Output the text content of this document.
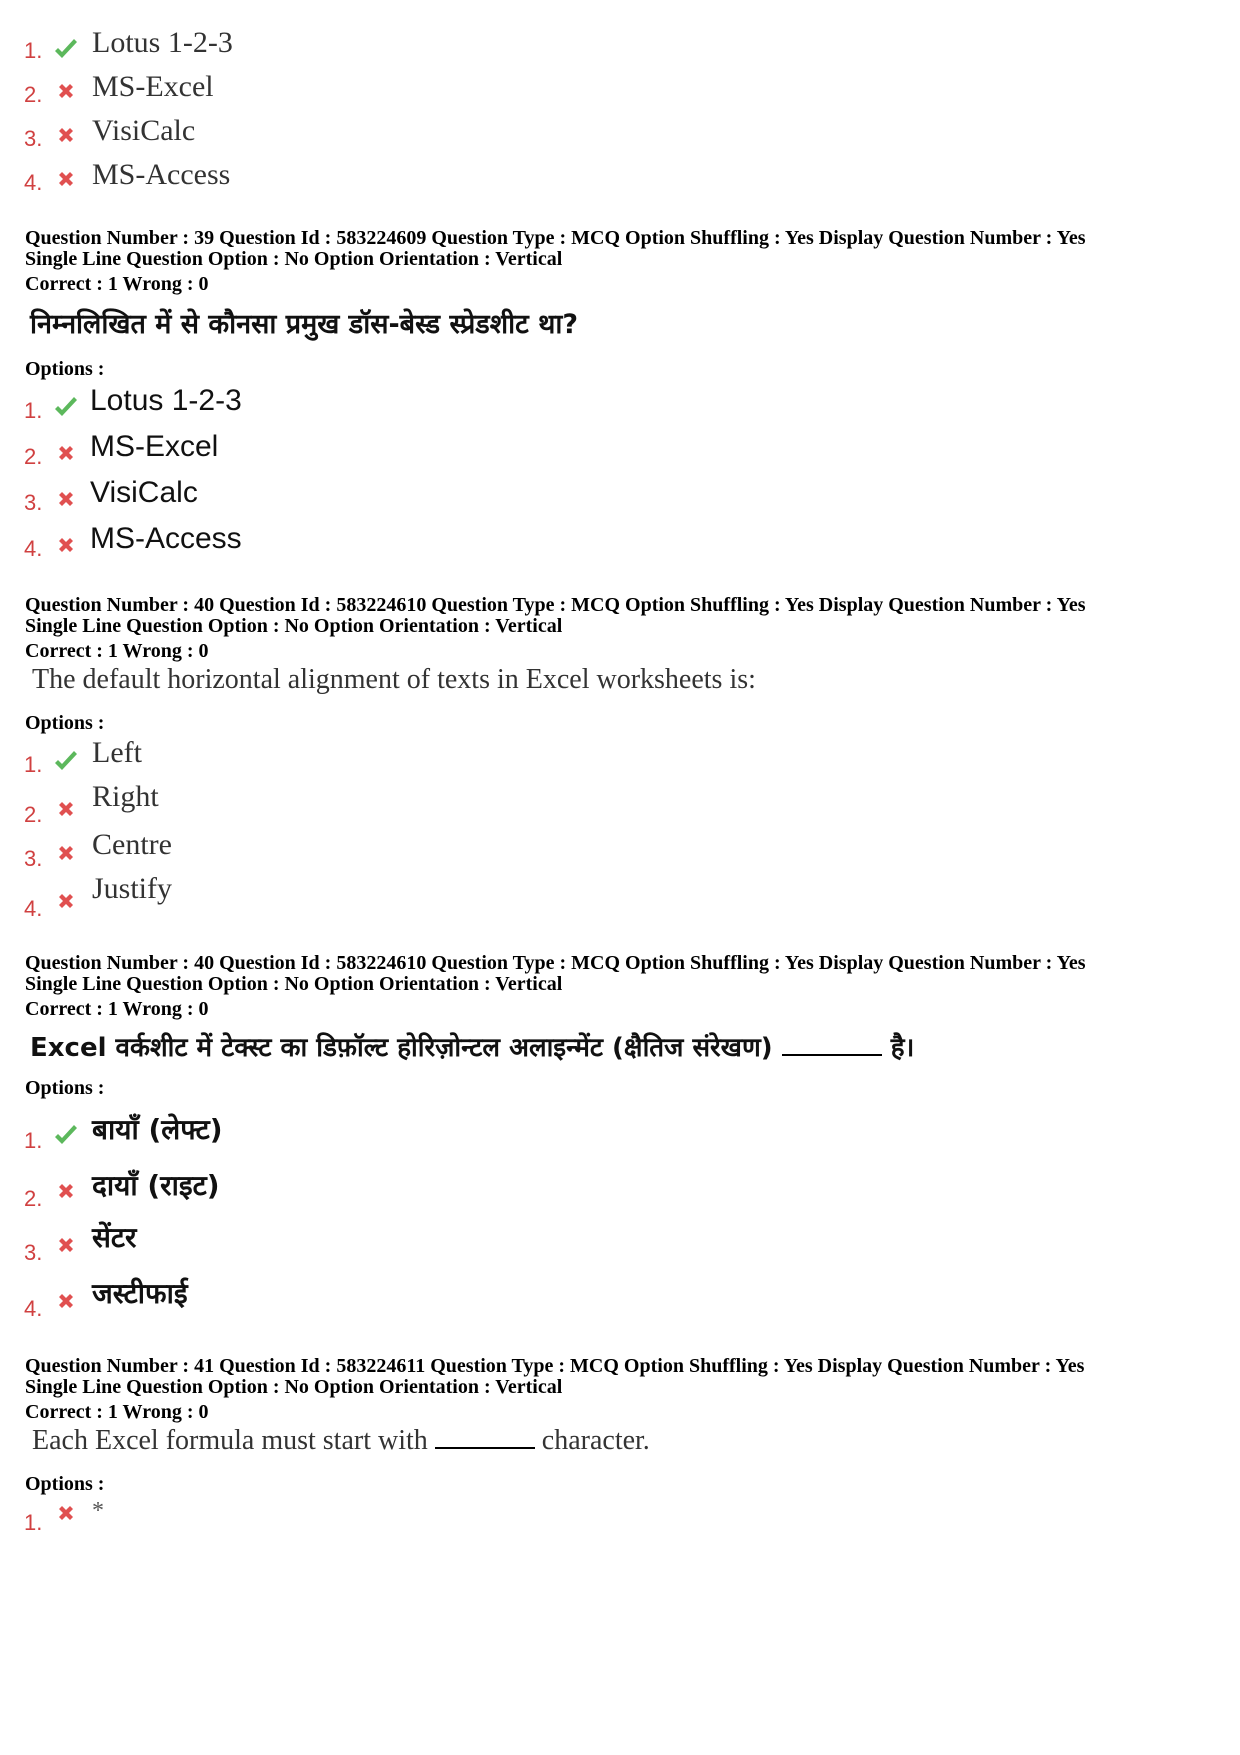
1. Lotus 1-2-3
2. MS-Excel
3. VisiCalc
4. MS-Access
Question Number : 39 Question Id : 583224609 Question Type : MCQ Option Shuffling : Yes Display Question Number : Yes
Single Line Question Option : No Option Orientation : Vertical
Correct : 1 Wrong : 0
निम्नलिखित में से कौनसा प्रमुख डॉस-बेस्ड स्प्रेडशीट था?
Options :
1. Lotus 1-2-3
2. MS-Excel
3. VisiCalc
4. MS-Access
Question Number : 40 Question Id : 583224610 Question Type : MCQ Option Shuffling : Yes Display Question Number : Yes
Single Line Question Option : No Option Orientation : Vertical
Correct : 1 Wrong : 0
The default horizontal alignment of texts in Excel worksheets is:
Options :
1. Left
2.
Right
3. Centre
4.
Justify
Question Number : 40 Question Id : 583224610 Question Type : MCQ Option Shuffling : Yes Display Question Number : Yes
Single Line Question Option : No Option Orientation : Vertical
Correct : 1 Wrong : 0
Excel वर्कशीट में टेक्स्ट का डिफ़ॉल्ट होरिज़ोन्टल अलाइन्मेंट (क्षैतिज संरेखण)	है।
Options :
1. बायाँ (लेफ्ट)
2. दायाँ (राइट)
3. सेंटर
4. जस्टीफाई
Question Number : 41 Question Id : 583224611 Question Type : MCQ Option Shuffling : Yes Display Question Number : Yes
Single Line Question Option : No Option Orientation : Vertical
Correct : 1 Wrong : 0
Each Excel formula must start with	character.
Options :
1. *
